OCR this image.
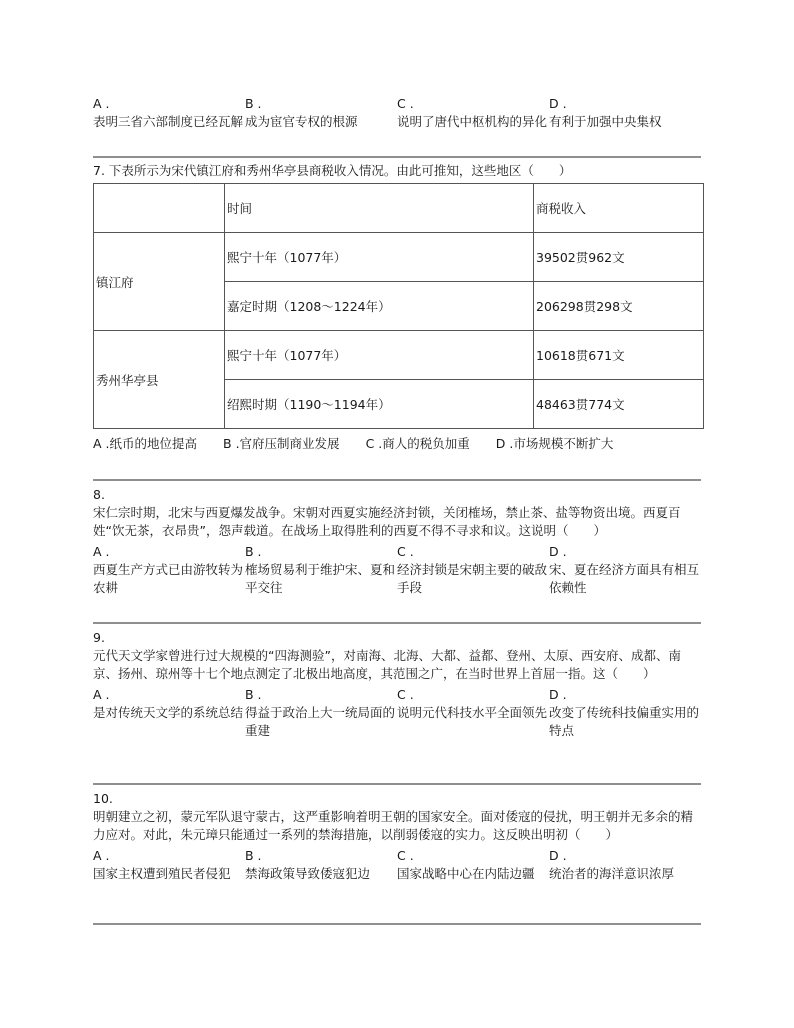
A .
表明三省六部制度已经瓦解
B .
成为宦官专权的根源
C .
说明了唐代中枢机构的异化
D .
有利于加强中央集权
7. 下表所示为宋代镇江府和秀州华亭县商税收入情况。由此可推知，这些地区（　　）
	时间	商税收入
镇江府	熙宁十年（1077年）	39502贯962文
	嘉定时期（1208～1224年）	206298贯298文
秀州华亭县	熙宁十年（1077年）	10618贯671文
	绍熙时期（1190～1194年）	48463贯774文
A .纸币的地位提高 B .官府压制商业发展 C .商人的税负加重 D .市场规模不断扩大
8.
宋仁宗时期，北宋与西夏爆发战争。宋朝对西夏实施经济封锁，关闭榷场，禁止茶、盐等物资出境。西夏百姓“饮无茶，衣昂贵”，怨声载道。在战场上取得胜利的西夏不得不寻求和议。这说明（　　）
A .
西夏生产方式已由游牧转为农耕
B .
榷场贸易利于维护宋、夏和平交往
C .
经济封锁是宋朝主要的破敌手段
D .
宋、夏在经济方面具有相互依赖性
9.
元代天文学家曾进行过大规模的“四海测验”，对南海、北海、大都、益都、登州、太原、西安府、成都、南京、扬州、琼州等十七个地点测定了北极出地高度，其范围之广，在当时世界上首屈一指。这（　　）
A .
是对传统天文学的系统总结
B .
得益于政治上大一统局面的重建
C .
说明元代科技水平全面领先
D .
改变了传统科技偏重实用的特点
10.
明朝建立之初，蒙元军队退守蒙古，这严重影响着明王朝的国家安全。面对倭寇的侵扰，明王朝并无多余的精力应对。对此，朱元璋只能通过一系列的禁海措施，以削弱倭寇的实力。这反映出明初（　　）
A .
国家主权遭到殖民者侵犯
B .
禁海政策导致倭寇犯边
C .
国家战略中心在内陆边疆
D .
统治者的海洋意识浓厚
